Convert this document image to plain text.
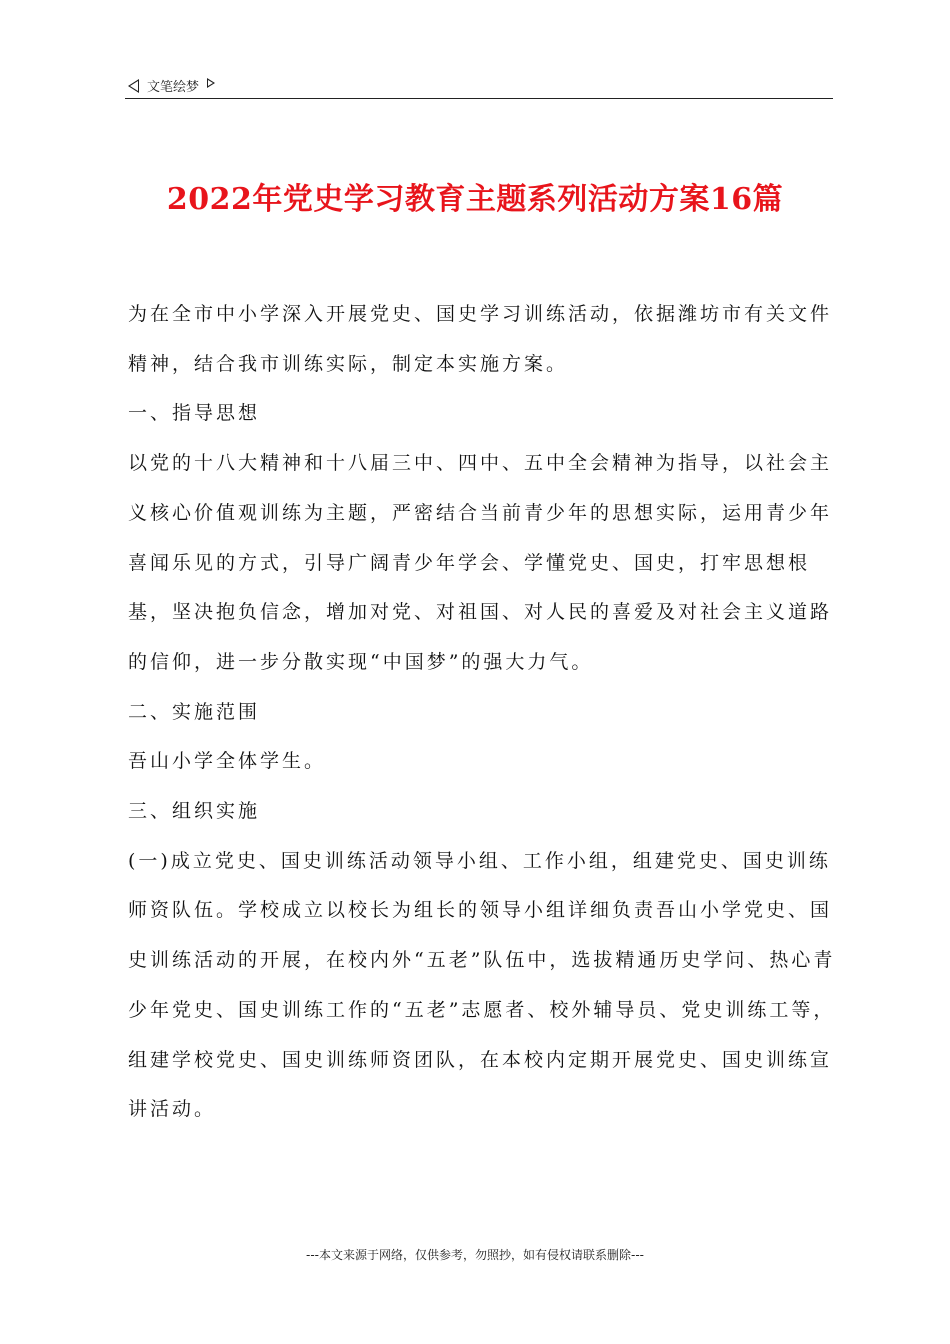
文笔绘梦
2022年党史学习教育主题系列活动方案16篇

为在全市中小学深入开展党史、国史学习训练活动，依据潍坊市有关文件精神，结合我市训练实际，制定本实施方案。

一、指导思想

以党的十八大精神和十八届三中、四中、五中全会精神为指导，以社会主义核心价值观训练为主题，严密结合当前青少年的思想实际，运用青少年喜闻乐见的方式，引导广阔青少年学会、学懂党史、国史，打牢思想根基，坚决抱负信念，增加对党、对祖国、对人民的喜爱及对社会主义道路的信仰，进一步分散实现“中国梦”的强大力气。

二、实施范围

吾山小学全体学生。

三、组织实施

(一)成立党史、国史训练活动领导小组、工作小组，组建党史、国史训练师资队伍。学校成立以校长为组长的领导小组详细负责吾山小学党史、国史训练活动的开展，在校内外“五老”队伍中，选拔精通历史学问、热心青少年党史、国史训练工作的“五老”志愿者、校外辅导员、党史训练工等，组建学校党史、国史训练师资团队，在本校内定期开展党史、国史训练宣讲活动。

---本文来源于网络，仅供参考，勿照抄，如有侵权请联系删除---
